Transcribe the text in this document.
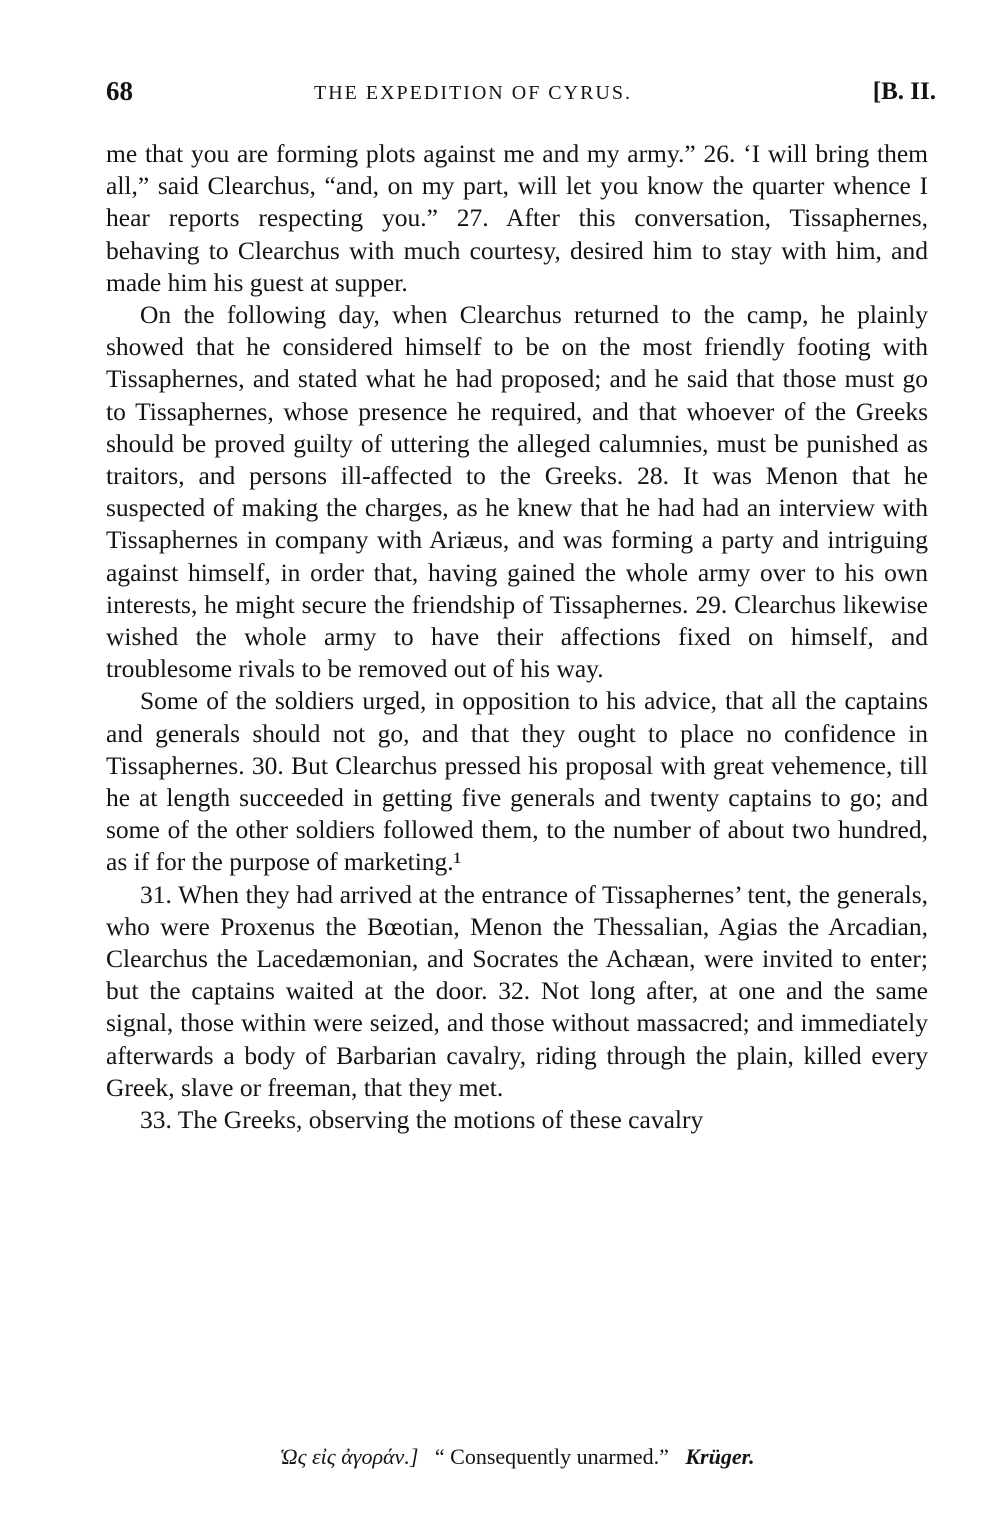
68	THE EXPEDITION OF CYRUS.	[B. II.

me that you are forming plots against me and my army.” 26. ‘I will bring them all,” said Clearchus, “and, on my part, will let you know the quarter whence I hear reports respecting you.” 27. After this conversation, Tissaphernes, behaving to Clearchus with much courtesy, desired him to stay with him, and made him his guest at supper.

On the following day, when Clearchus returned to the camp, he plainly showed that he considered himself to be on the most friendly footing with Tissaphernes, and stated what he had proposed; and he said that those must go to Tissaphernes, whose presence he required, and that whoever of the Greeks should be proved guilty of uttering the alleged calumnies, must be punished as traitors, and persons ill-affected to the Greeks. 28. It was Menon that he suspected of making the charges, as he knew that he had had an interview with Tissaphernes in company with Ariæus, and was forming a party and intriguing against himself, in order that, having gained the whole army over to his own interests, he might secure the friendship of Tissaphernes. 29. Clearchus likewise wished the whole army to have their affections fixed on himself, and troublesome rivals to be removed out of his way.

Some of the soldiers urged, in opposition to his advice, that all the captains and generals should not go, and that they ought to place no confidence in Tissaphernes. 30. But Clearchus pressed his proposal with great vehemence, till he at length succeeded in getting five generals and twenty captains to go; and some of the other soldiers followed them, to the number of about two hundred, as if for the purpose of marketing.¹

31. When they had arrived at the entrance of Tissaphernes’ tent, the generals, who were Proxenus the Bœotian, Menon the Thessalian, Agias the Arcadian, Clearchus the Lacedæmonian, and Socrates the Achæan, were invited to enter; but the captains waited at the door. 32. Not long after, at one and the same signal, those within were seized, and those without massacred; and immediately afterwards a body of Barbarian cavalry, riding through the plain, killed every Greek, slave or freeman, that they met.

33. The Greeks, observing the motions of these cavalry

Ὡς εἰς ἀγοράν.] “ Consequently unarmed.” Krüger.
